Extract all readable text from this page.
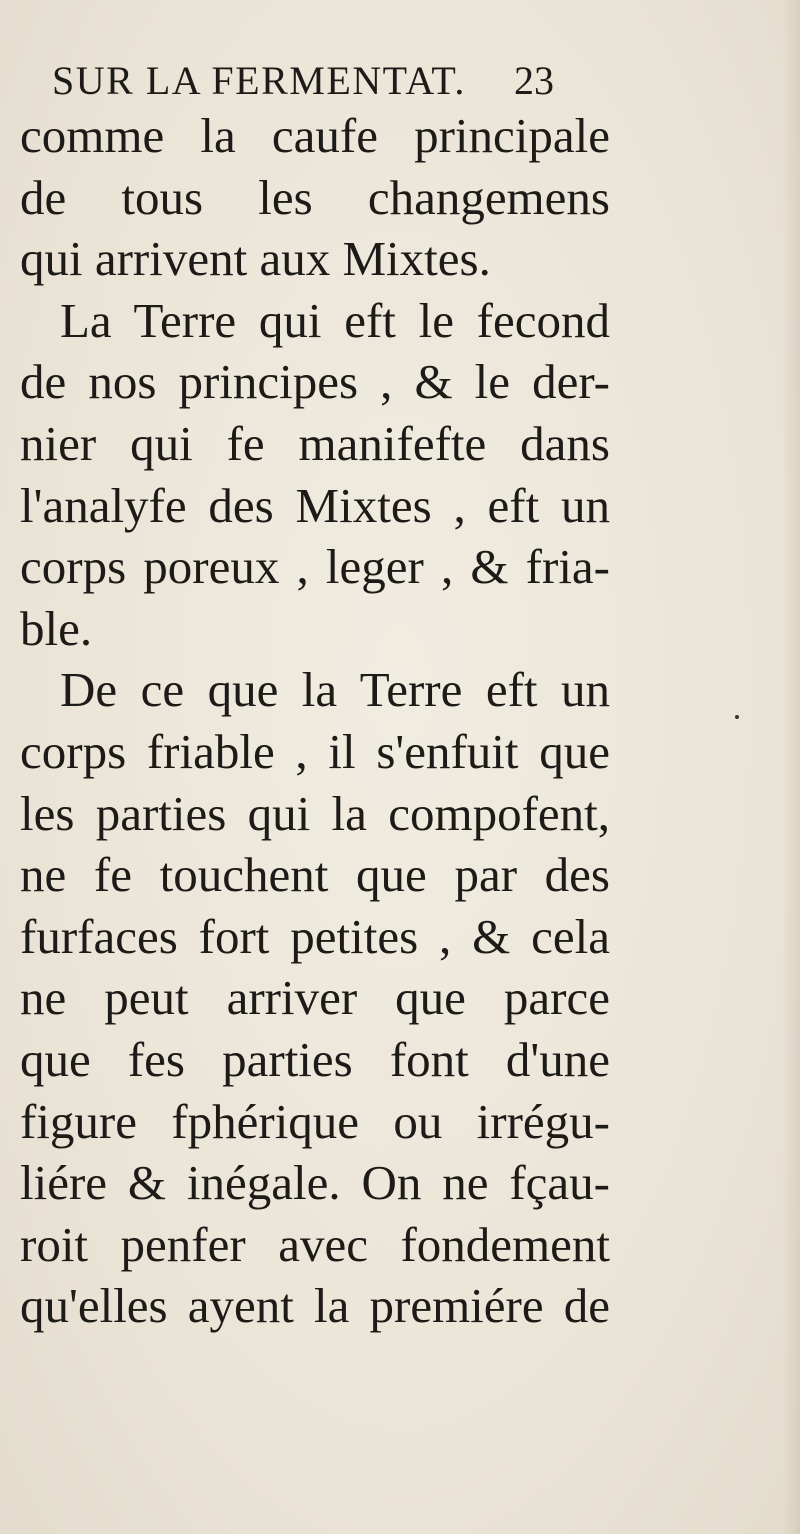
SUR LA FERMENTAT. 23
comme la caufe principale
de tous les changemens
qui arrivent aux Mixtes.
La Terre qui eft le fecond
de nos principes , & le der-
nier qui fe manifefte dans
l'analyfe des Mixtes , eft un
corps poreux , leger , & fria-
ble.
De ce que la Terre eft un
corps friable , il s'enfuit que
les parties qui la compofent,
ne fe touchent que par des
furfaces fort petites , & cela
ne peut arriver que parce
que fes parties font d'une
figure fphérique ou irrégu-
liére & inégale. On ne fçau-
roit penfer avec fondement
qu'elles ayent la premiére de
